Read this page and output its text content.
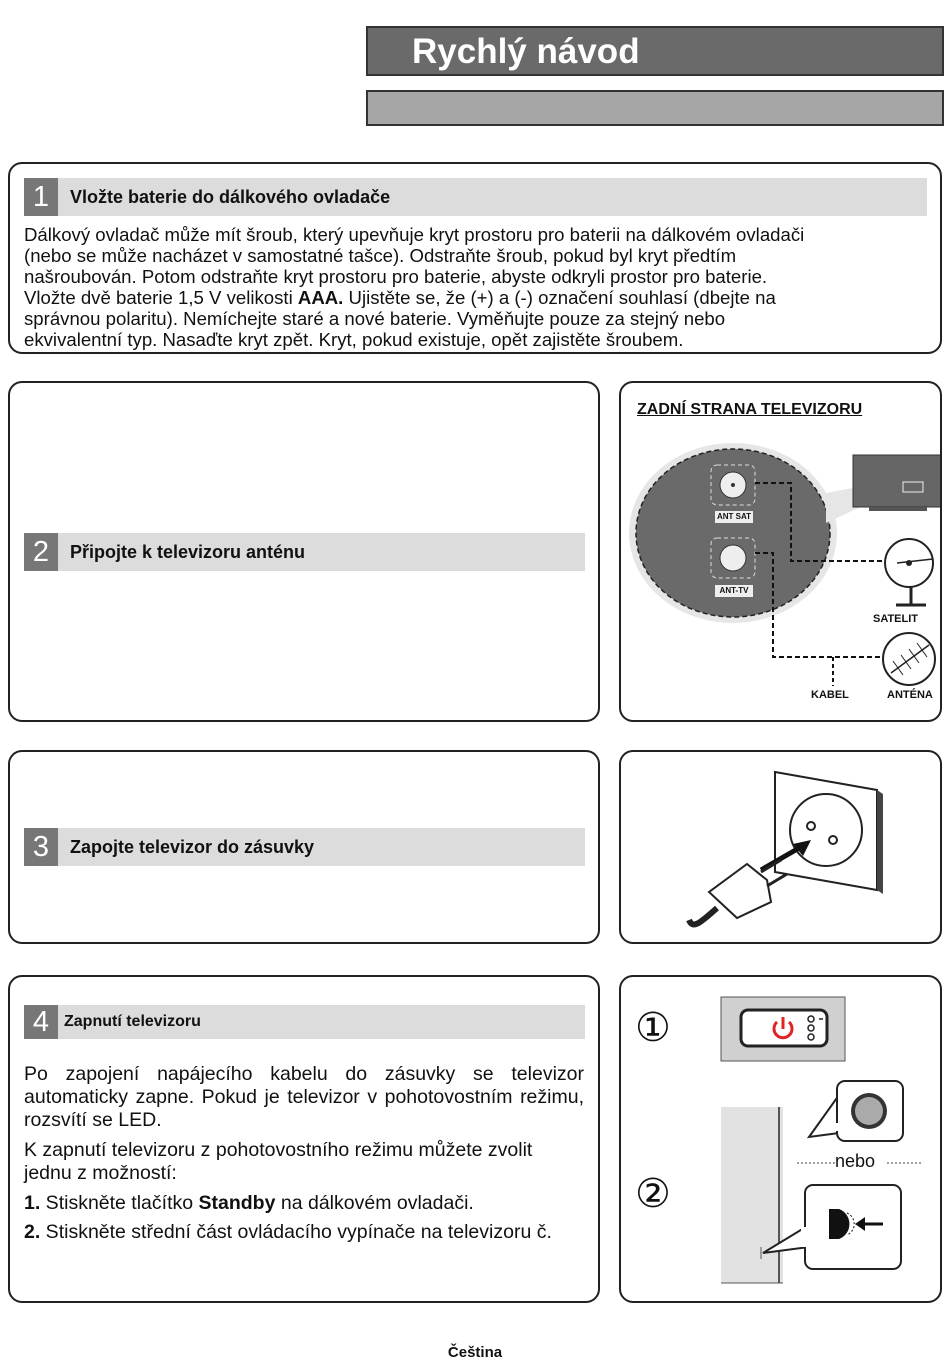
Rychlý návod
1	Vložte baterie do dálkového ovladače
Dálkový ovladač může mít šroub, který upevňuje kryt prostoru pro baterii na dálkovém ovladači
(nebo se může nacházet v samostatné tašce). Odstraňte šroub, pokud byl kryt předtím
našroubován. Potom odstraňte kryt prostoru pro baterie, abyste odkryli prostor pro baterie.
Vložte dvě baterie 1,5 V velikosti AAA. Ujistěte se, že (+) a (-) označení souhlasí (dbejte na
správnou polaritu). Nemíchejte staré a nové baterie. Vyměňujte pouze za stejný nebo
ekvivalentní typ. Nasaďte kryt zpět. Kryt, pokud existuje, opět zajistěte šroubem.
2	Připojte k televizoru anténu
ZADNÍ STRANA TELEVIZORU
ANT SAT
ANT-TV
SATELIT
KABEL	ANTÉNA
3	Zapojte televizor do zásuvky
4 Zapnutí televizoru
Po zapojení napájecího kabelu do zásuvky se televizor automaticky zapne. Pokud je televizor v pohotovostním režimu, rozsvítí se LED.
K zapnutí televizoru z pohotovostního režimu můžete zvolit jednu z možností:
1. Stiskněte tlačítko Standby na dálkovém ovladači.
2. Stiskněte střední část ovládacího vypínače na televizoru č.
①
②
nebo
Čeština
